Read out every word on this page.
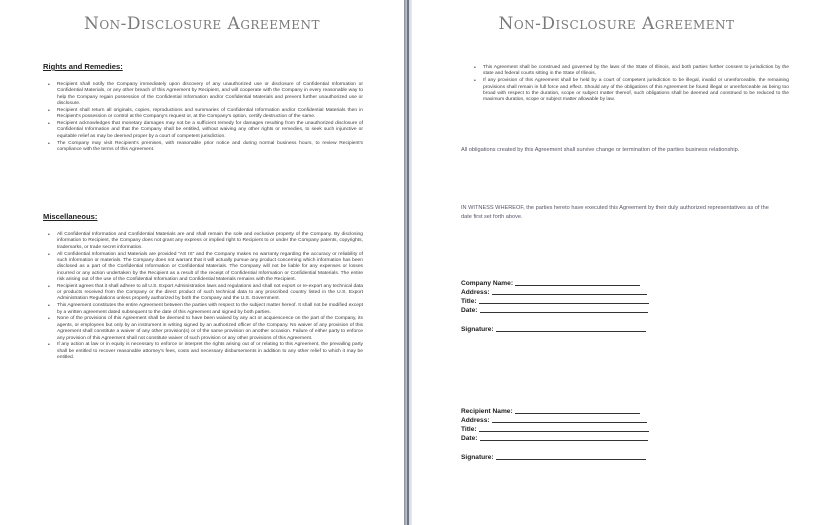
Non-Disclosure Agreement
Rights and Remedies:
• Recipient shall notify the Company immediately upon discovery of any unauthorized use or disclosure of Confidential Information or Confidential Materials, or any other breach of this Agreement by Recipient, and will cooperate with the Company in every reasonable way to help the Company regain possession of the Confidential Information and/or Confidential Materials and prevent further unauthorized use or disclosure.
• Recipient shall return all originals, copies, reproductions and summaries of Confidential Information and/or Confidential Materials then in Recipient's possession or control at the Company's request or, at the Company's option, certify destruction of the same.
• Recipient acknowledges that monetary damages may not be a sufficient remedy for damages resulting from the unauthorized disclosure of Confidential Information and that the Company shall be entitled, without waiving any other rights or remedies, to seek such injunctive or equitable relief as may be deemed proper by a court of competent jurisdiction.
• The Company may visit Recipient's premises, with reasonable prior notice and during normal business hours, to review Recipient's compliance with the terms of this Agreement.
Miscellaneous:
• All Confidential Information and Confidential Materials are and shall remain the sole and exclusive property of the Company. By disclosing information to Recipient, the Company does not grant any express or implied right to Recipient to or under the Company patents, copyrights, trademarks, or trade secret information.
• All Confidential Information and Materials are provided "AS IS" and the Company makes no warranty regarding the accuracy or reliability of such information or materials. The Company does not warrant that it will actually pursue any product concerning which information has been disclosed as a part of the Confidential Information or Confidential Materials. The Company will not be liable for any expenses or losses incurred or any action undertaken by the Recipient as a result of the receipt of Confidential Information or Confidential Materials. The entire risk arising out of the use of the Confidential Information and Confidential Materials remains with the Recipient.
• Recipient agrees that it shall adhere to all U.S. Export Administration laws and regulations and shall not export or re-export any technical data or products received from the Company or the direct product of such technical data to any proscribed country listed in the U.S. Export Administration Regulations unless properly authorized by both the Company and the U.S. Government.
• This Agreement constitutes the entire Agreement between the parties with respect to the subject matter hereof. It shall not be modified except by a written agreement dated subsequent to the date of this Agreement and signed by both parties.
• None of the provisions of this Agreement shall be deemed to have been waived by any act or acquiescence on the part of the Company, its agents, or employees but only by an instrument in writing signed by an authorized officer of the Company. No waiver of any provision of this Agreement shall constitute a waiver of any other provision(s) or of the same provision on another occasion. Failure of either party to enforce any provision of this Agreement shall not constitute waiver of such provision or any other provisions of this Agreement.
• If any action at law or in equity is necessary to enforce or interpret the rights arising out of or relating to this Agreement, the prevailing party shall be entitled to recover reasonable attorney's fees, costs and necessary disbursements in addition to any other relief to which it may be entitled.
Non-Disclosure Agreement
• This Agreement shall be construed and governed by the laws of the State of Illinois, and both parties further consent to jurisdiction by the state and federal courts sitting in the State of Illinois.
• If any provision of this Agreement shall be held by a court of competent jurisdiction to be illegal, invalid or unenforceable, the remaining provisions shall remain in full force and effect. Should any of the obligations of this Agreement be found illegal or unenforceable as being too broad with respect to the duration, scope or subject matter thereof, such obligations shall be deemed and construed to be reduced to the maximum duration, scope or subject matter allowable by law.
All obligations created by this Agreement shall survive change or termination of the parties business relationship.
IN WITNESS WHEREOF, the parties hereto have executed this Agreement by their duly authorized representatives as of the date first set forth above.
Company Name:
Address:
Title:
Date:
Signature:
Recipient Name:
Address:
Title:
Date:
Signature:
